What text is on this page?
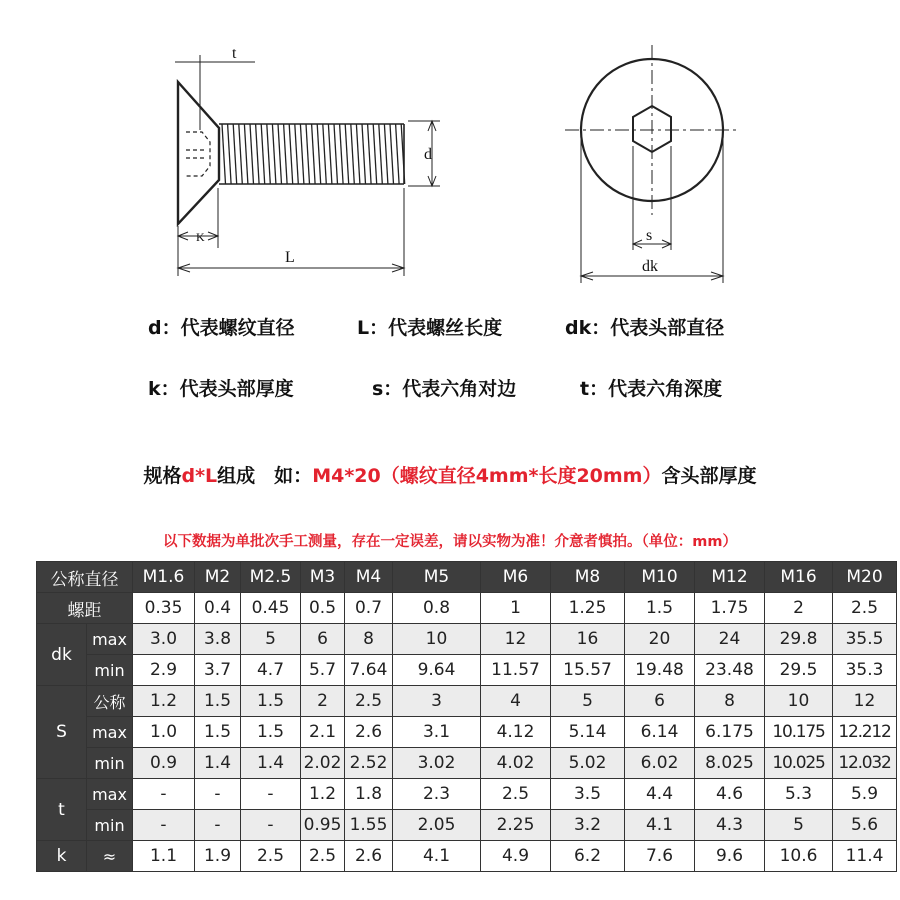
t
d
K
L
s
dk
d：代表螺纹直径	L：代表螺丝长度	dk：代表头部直径
k：代表头部厚度	s：代表六角对边	t：代表六角深度
规格d*L组成　如：M4*20（螺纹直径4mm*长度20mm）含头部厚度
以下数据为单批次手工测量，存在一定误差，请以实物为准！介意者慎拍。（单位：mm）
公称直径		M1.6	M2	M2.5	M3	M4	M5	M6	M8	M10	M12	M16	M20
螺距		0.35	0.4	0.45	0.5	0.7	0.8	1	1.25	1.5	1.75	2	2.5
dk	max	3.0	3.8	5	6	8	10	12	16	20	24	29.8	35.5
	min	2.9	3.7	4.7	5.7	7.64	9.64	11.57	15.57	19.48	23.48	29.5	35.3
S	公称	1.2	1.5	1.5	2	2.5	3	4	5	6	8	10	12
	max	1.0	1.5	1.5	2.1	2.6	3.1	4.12	5.14	6.14	6.175	10.175	12.212
	min	0.9	1.4	1.4	2.02	2.52	3.02	4.02	5.02	6.02	8.025	10.025	12.032
t	max	-	-	-	1.2	1.8	2.3	2.5	3.5	4.4	4.6	5.3	5.9
	min	-	-	-	0.95	1.55	2.05	2.25	3.2	4.1	4.3	5	5.6
k	≈	1.1	1.9	2.5	2.5	2.6	4.1	4.9	6.2	7.6	9.6	10.6	11.4
